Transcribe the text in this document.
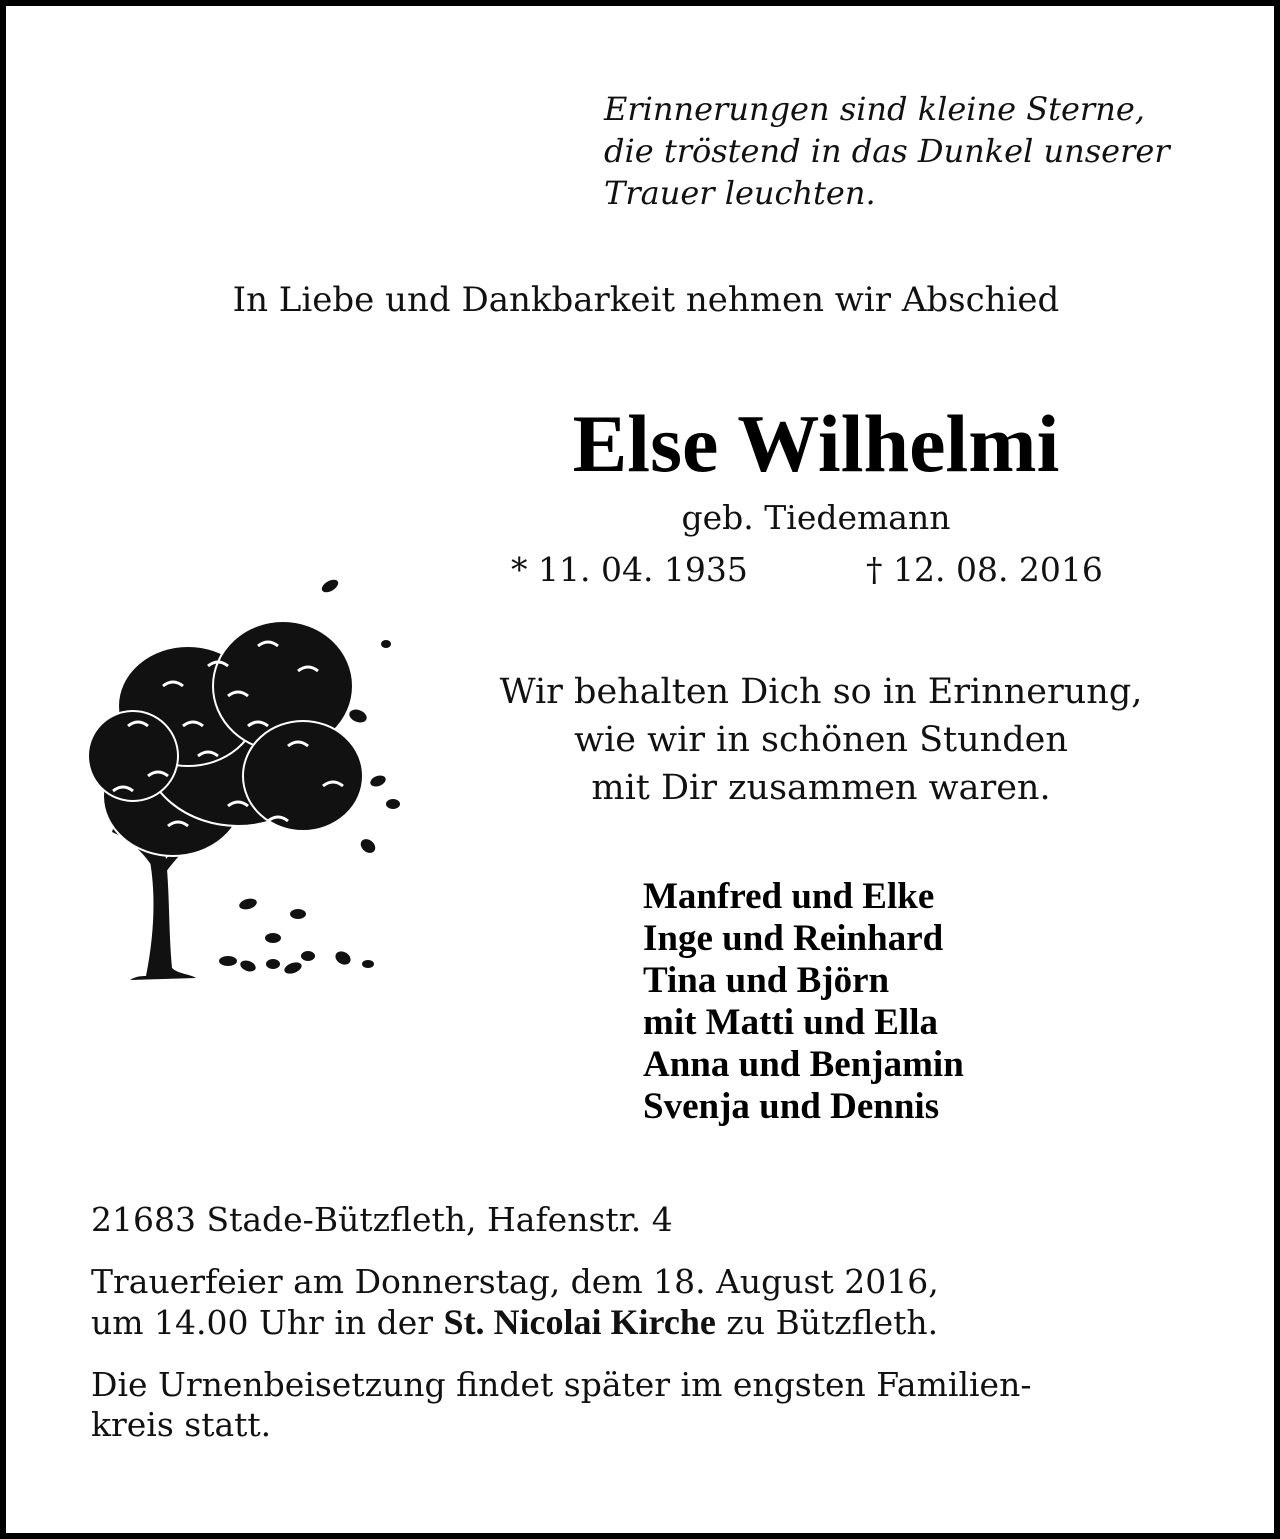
Erinnerungen sind kleine Sterne,
die tröstend in das Dunkel unserer
Trauer leuchten.
In Liebe und Dankbarkeit nehmen wir Abschied
Else Wilhelmi
geb. Tiedemann
* 11. 04. 1935	† 12. 08. 2016
Wir behalten Dich so in Erinnerung,
wie wir in schönen Stunden
mit Dir zusammen waren.
Manfred und Elke
Inge und Reinhard
Tina und Björn
mit Matti und Ella
Anna und Benjamin
Svenja und Dennis

21683 Stade-Bützfleth, Hafenstr. 4

Trauerfeier am Donnerstag, dem 18. August 2016,
um 14.00 Uhr in der St. Nicolai Kirche zu Bützfleth.

Die Urnenbeisetzung findet später im engsten Familien-
kreis statt.
